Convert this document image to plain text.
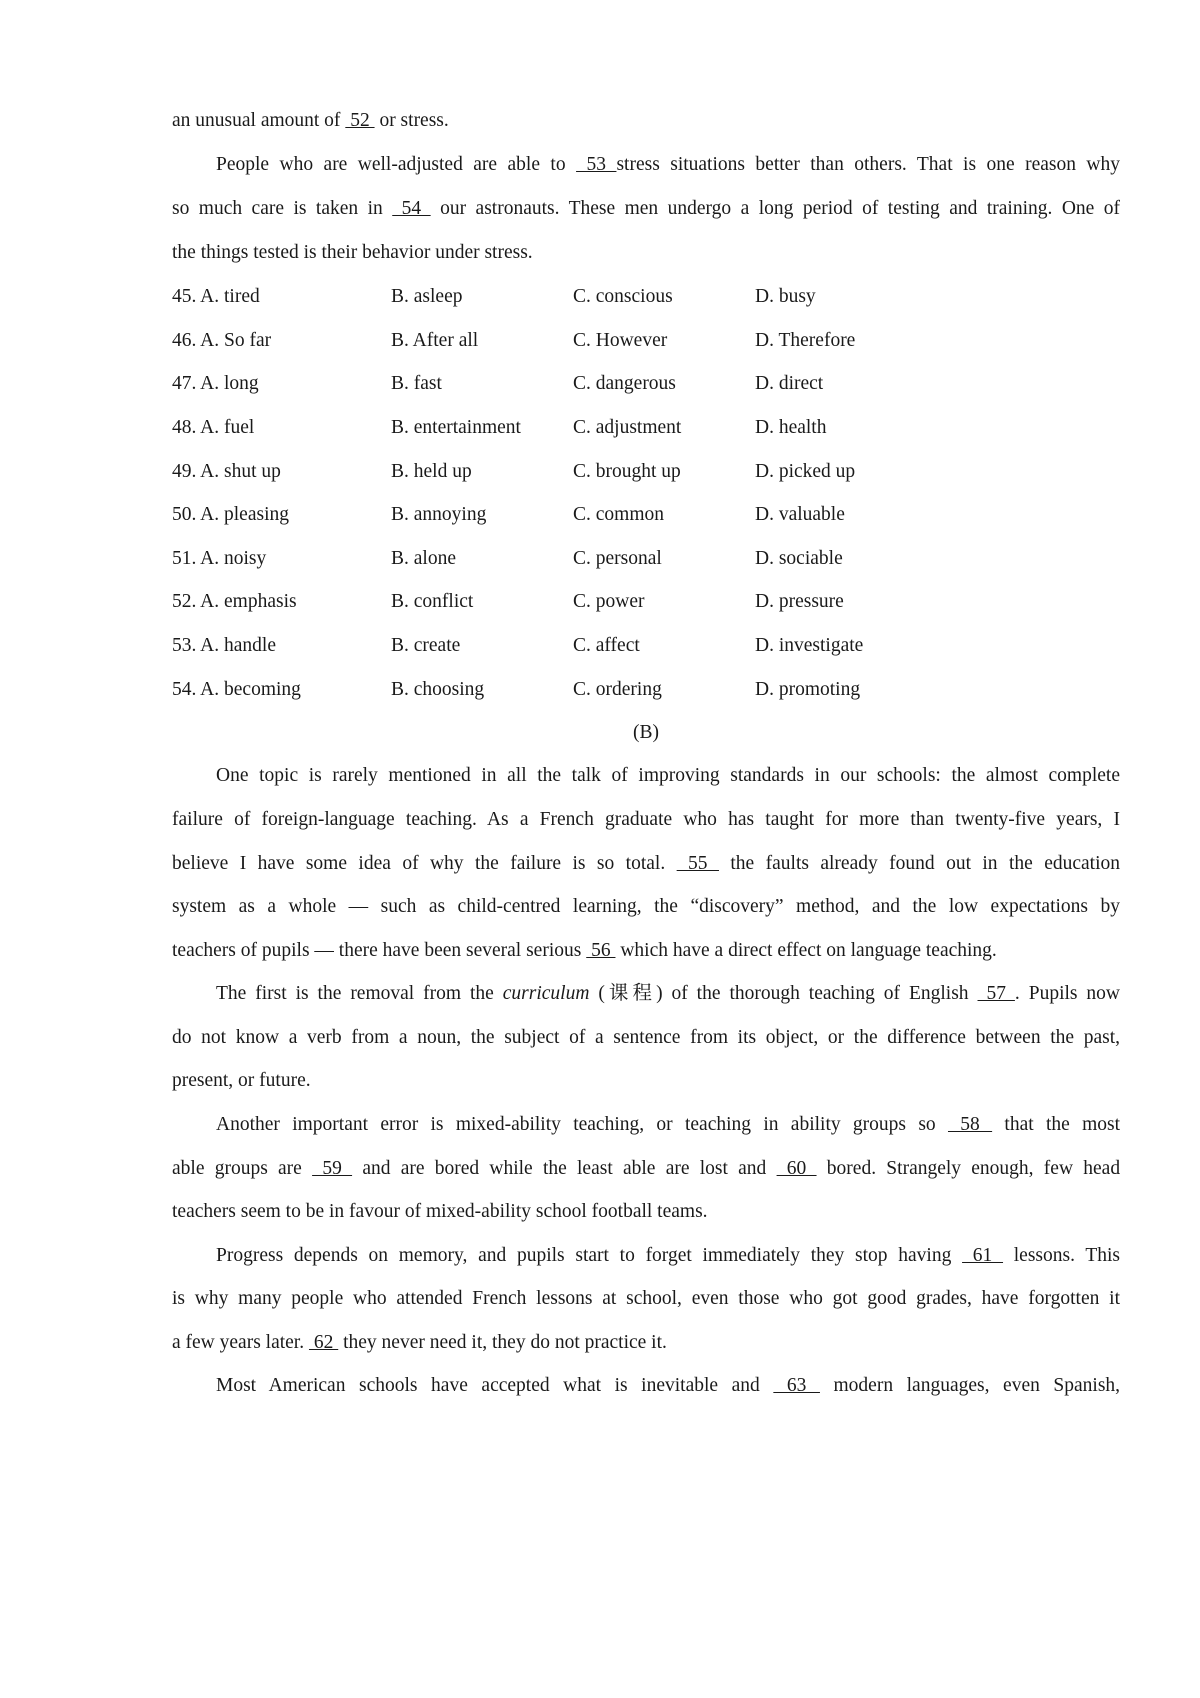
an unusual amount of  52  or stress.
People who are well-adjusted are able to  53 stress situations better than others. That is one reason why
so much care is taken in  54  our astronauts. These men undergo a long period of testing and training. One of
the things tested is their behavior under stress.
45. A. tired	B. asleep	C. conscious	D. busy
46. A. So far	B. After all	C. However	D. Therefore
47. A. long	B. fast	C. dangerous	D. direct
48. A. fuel	B. entertainment	C. adjustment	D. health
49. A. shut up	B. held up	C. brought up	D. picked up
50. A. pleasing	B. annoying	C. common	D. valuable
51. A. noisy	B. alone	C. personal	D. sociable
52. A. emphasis	B. conflict	C. power	D. pressure
53. A. handle	B. create	C. affect	D. investigate
54. A. becoming	B. choosing	C. ordering	D. promoting
(B)
One topic is rarely mentioned in all the talk of improving standards in our schools: the almost complete
failure of foreign-language teaching. As a French graduate who has taught for more than twenty-five years, I
believe I have some idea of why the failure is so total.  55  the faults already found out in the education
system as a whole — such as child-centred learning, the “discovery” method, and the low expectations by
teachers of pupils — there have been several serious  56  which have a direct effect on language teaching.
The first is the removal from the curriculum (课程) of the thorough teaching of English  57 . Pupils now
do not know a verb from a noun, the subject of a sentence from its object, or the difference between the past,
present, or future.
Another important error is mixed-ability teaching, or teaching in ability groups so  58  that the most
able groups are  59  and are bored while the least able are lost and  60  bored. Strangely enough, few head
teachers seem to be in favour of mixed-ability school football teams.
Progress depends on memory, and pupils start to forget immediately they stop having  61  lessons. This
is why many people who attended French lessons at school, even those who got good grades, have forgotten it
a few years later.  62  they never need it, they do not practice it.
Most American schools have accepted what is inevitable and  63  modern languages, even Spanish,
